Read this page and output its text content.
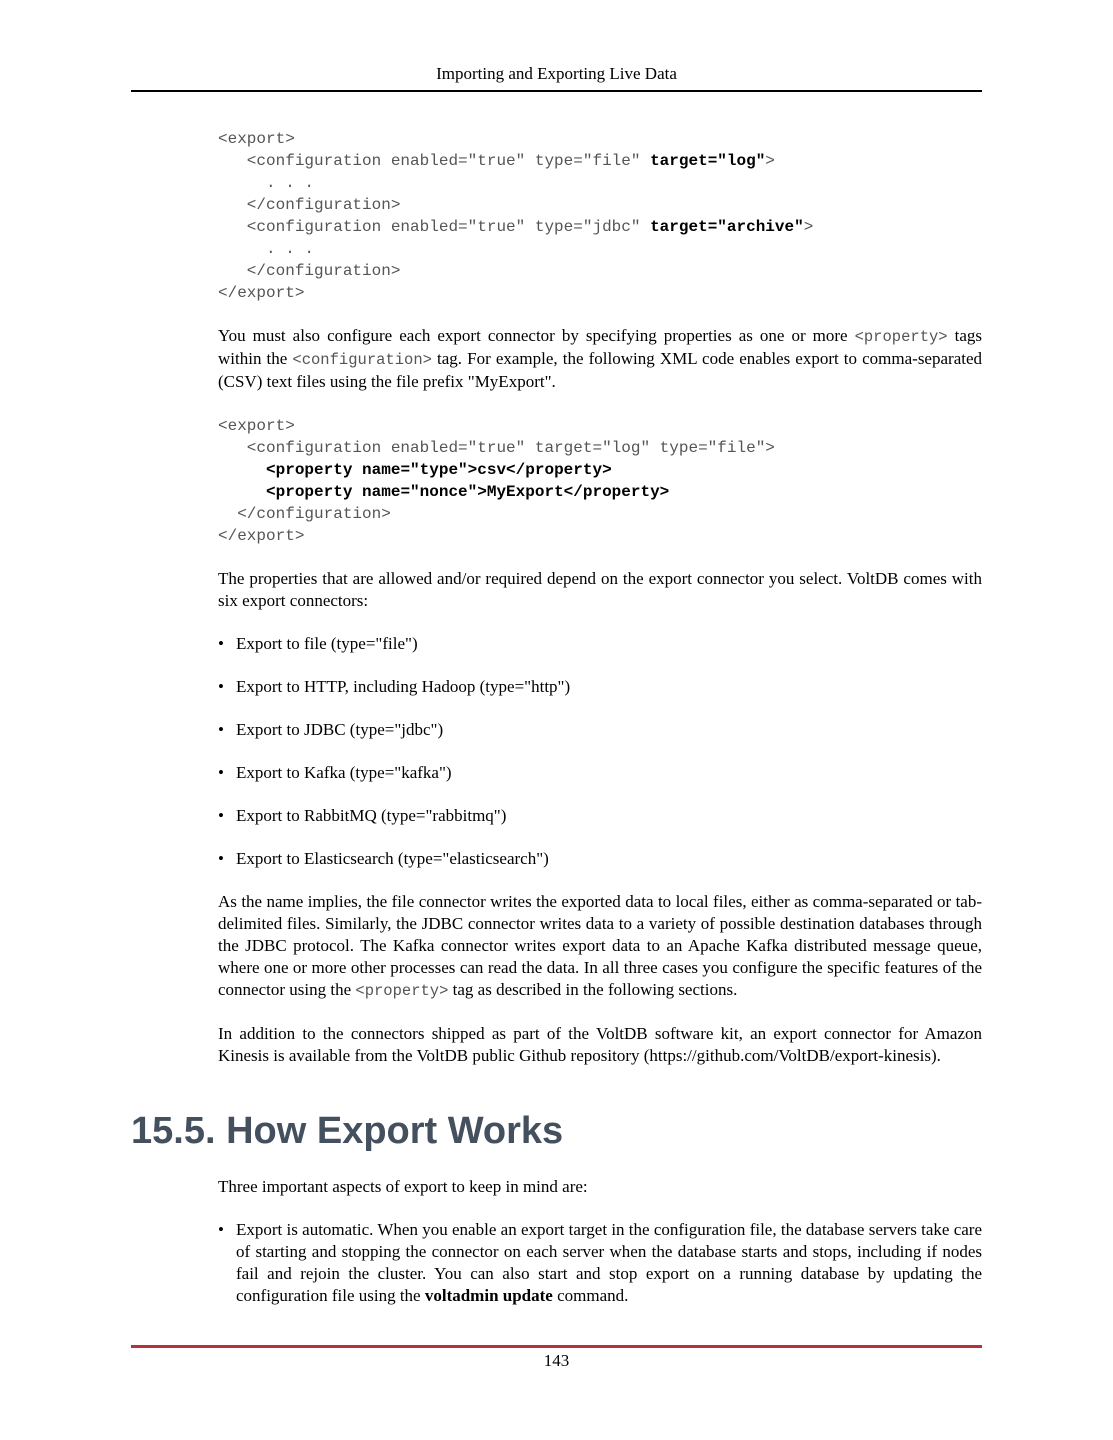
Importing and Exporting Live Data
<export>
<configuration enabled="true" type="file" target="log">
. . .
</configuration>
<configuration enabled="true" type="jdbc" target="archive">
. . .
</configuration>
</export>

You must also configure each export connector by specifying properties as one or more <property> tags within the <configuration> tag. For example, the following XML code enables export to comma-separated (CSV) text files using the file prefix "MyExport".

<export>
<configuration enabled="true" target="log" type="file">
<property name="type">csv</property>
<property name="nonce">MyExport</property>
</configuration>
</export>

The properties that are allowed and/or required depend on the export connector you select. VoltDB comes with six export connectors:

• Export to file (type="file")
• Export to HTTP, including Hadoop (type="http")
• Export to JDBC (type="jdbc")
• Export to Kafka (type="kafka")
• Export to RabbitMQ (type="rabbitmq")
• Export to Elasticsearch (type="elasticsearch")

As the name implies, the file connector writes the exported data to local files, either as comma-separated or tab-delimited files. Similarly, the JDBC connector writes data to a variety of possible destination databases through the JDBC protocol. The Kafka connector writes export data to an Apache Kafka distributed message queue, where one or more other processes can read the data. In all three cases you configure the specific features of the connector using the <property> tag as described in the following sections.

In addition to the connectors shipped as part of the VoltDB software kit, an export connector for Amazon Kinesis is available from the VoltDB public Github repository (https://github.com/VoltDB/export-kinesis).

15.5. How Export Works

Three important aspects of export to keep in mind are:

• Export is automatic. When you enable an export target in the configuration file, the database servers take care of starting and stopping the connector on each server when the database starts and stops, including if nodes fail and rejoin the cluster. You can also start and stop export on a running database by updating the configuration file using the voltadmin update command.
143
